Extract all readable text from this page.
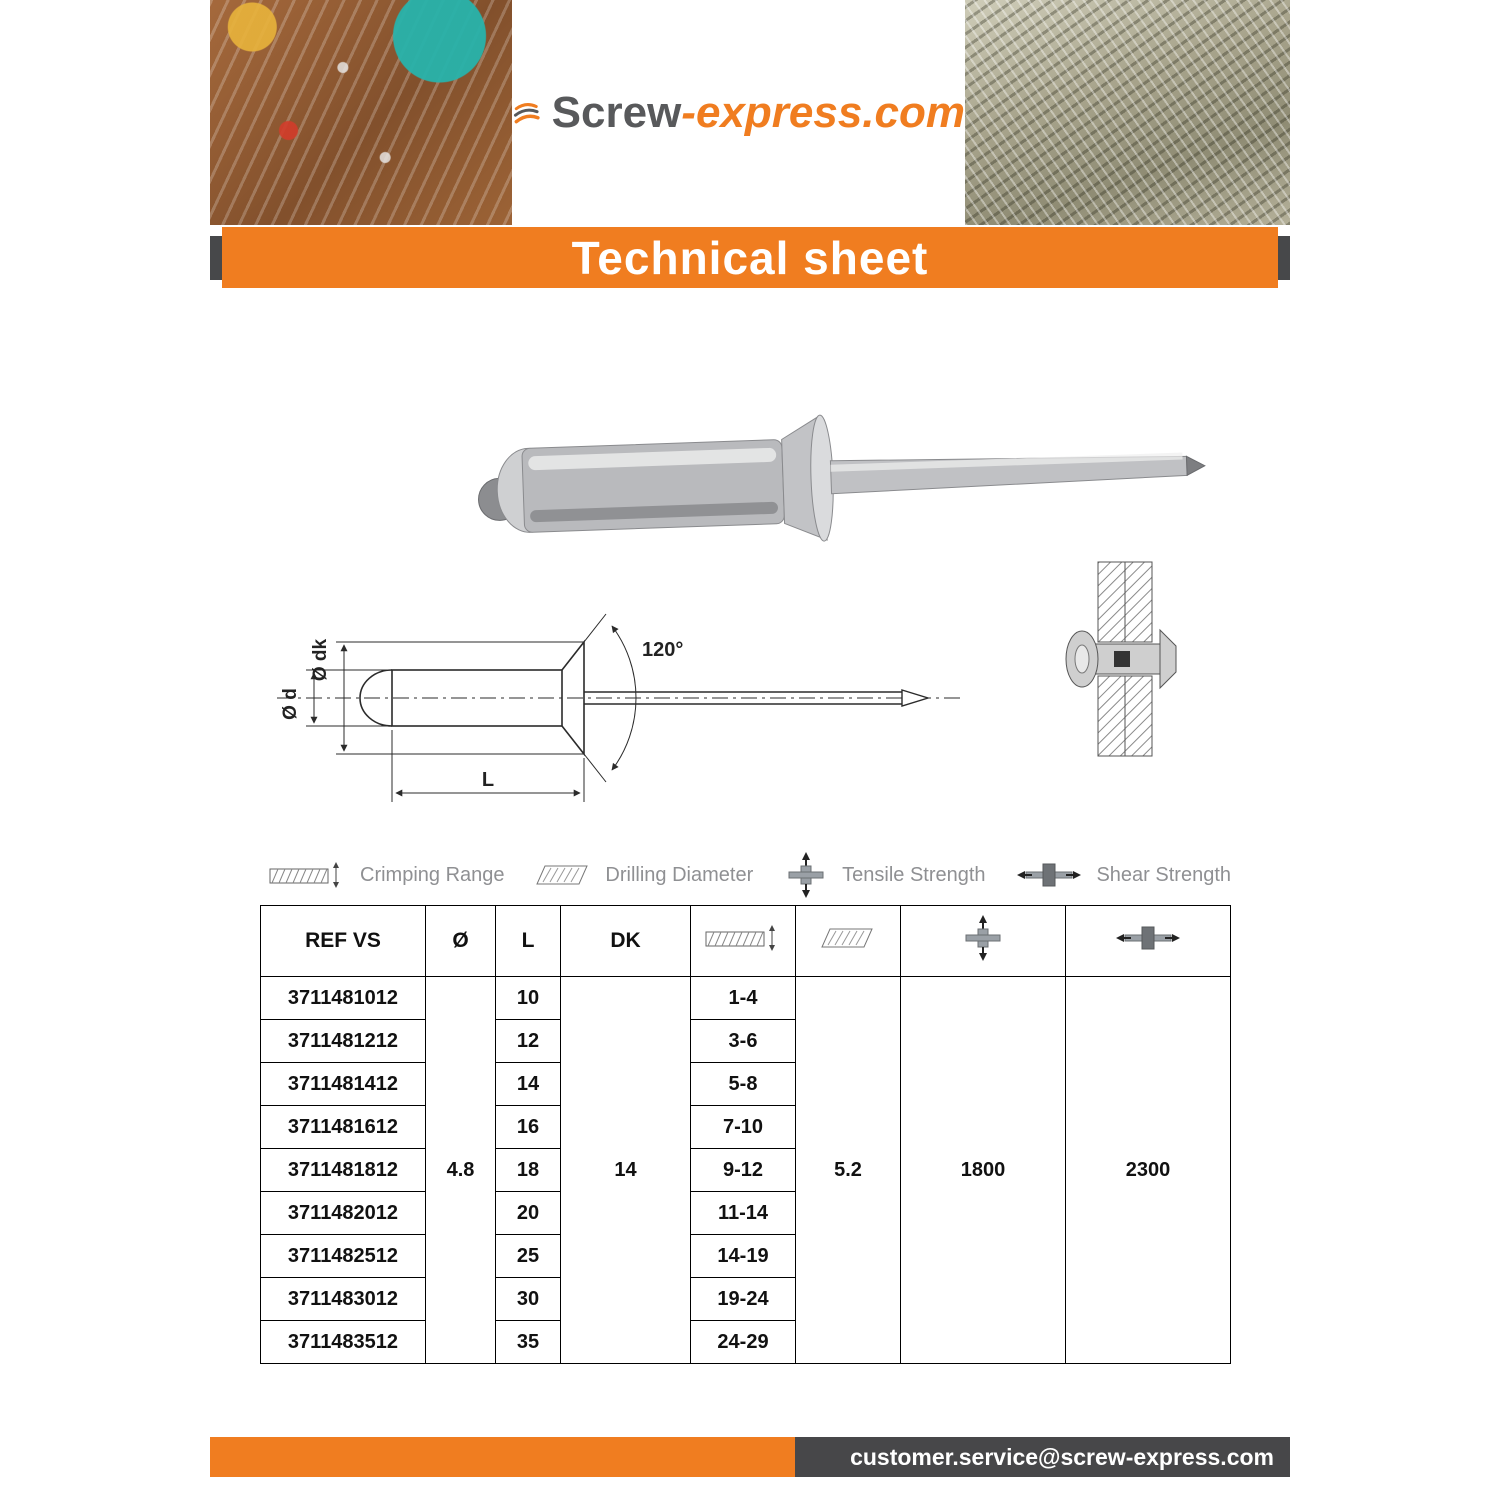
Screw-express.com
Technical sheet
Ø d
Ø dk	120°
L
Crimping Range	Drilling Diameter	Tensile Strength	Shear Strength
REF VS	Ø	L	DK				
3711481012	4.8	10	14	1-4	5.2	1800	2300
3711481212		12		3-6			
3711481412		14		5-8			
3711481612		16		7-10			
3711481812		18		9-12			
3711482012		20		11-14			
3711482512		25		14-19			
3711483012		30		19-24			
3711483512		35		24-29			
customer.service@screw-express.com
